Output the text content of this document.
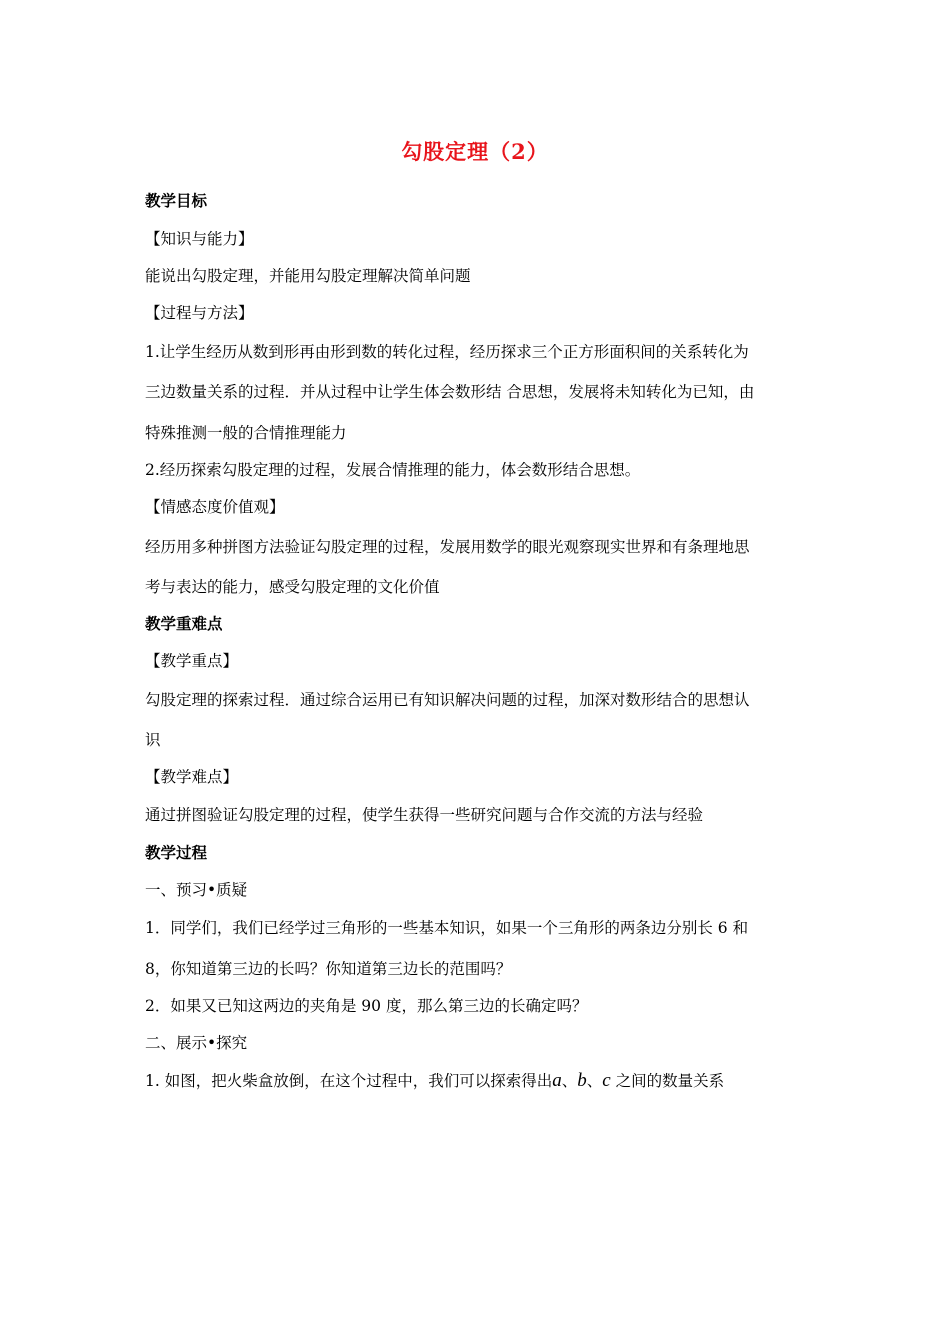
勾股定理（2）
教学目标
【知识与能力】
能说出勾股定理，并能用勾股定理解决简单问题
【过程与方法】
1.让学生经历从数到形再由形到数的转化过程，经历探求三个正方形面积间的关系转化为
三边数量关系的过程．并从过程中让学生体会数形结 合思想，发展将未知转化为已知，由
特殊推测一般的合情推理能力
2.经历探索勾股定理的过程，发展合情推理的能力，体会数形结合思想。
【情感态度价值观】
经历用多种拼图方法验证勾股定理的过程，发展用数学的眼光观察现实世界和有条理地思
考与表达的能力，感受勾股定理的文化价值
教学重难点
【教学重点】
勾股定理的探索过程．通过综合运用已有知识解决问题的过程，加深对数形结合的思想认
识
【教学难点】
通过拼图验证勾股定理的过程，使学生获得一些研究问题与合作交流的方法与经验
教学过程
一、预习•质疑
1．同学们，我们已经学过三角形的一些基本知识，如果一个三角形的两条边分别长 6 和
8，你知道第三边的长吗？你知道第三边长的范围吗？
2．如果又已知这两边的夹角是 90 度，那么第三边的长确定吗？
二、展示•探究
1. 如图，把火柴盒放倒，在这个过程中，我们可以探索得出a、b、c 之间的数量关系
